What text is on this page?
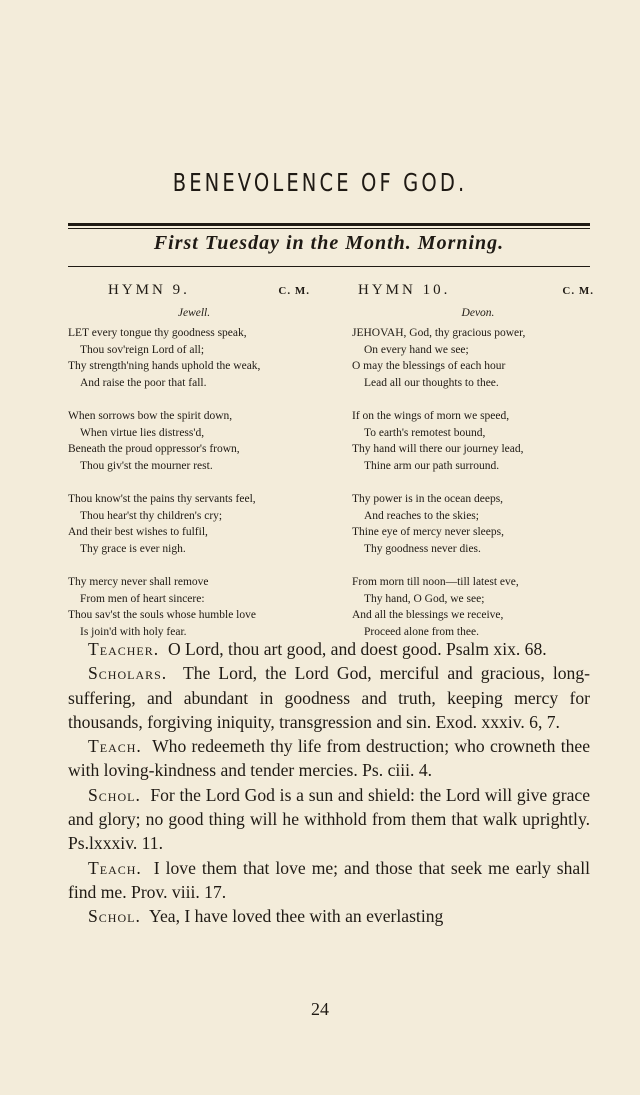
BENEVOLENCE OF GOD.
First Tuesday in the Month. Morning.
HYMN 9.	C. M.
Jewell.
LET every tongue thy goodness speak,
Thou sov'reign Lord of all;
Thy strength'ning hands uphold the weak,
And raise the poor that fall.
When sorrows bow the spirit down,
When virtue lies distress'd,
Beneath the proud oppressor's frown,
Thou giv'st the mourner rest.
Thou know'st the pains thy servants feel,
Thou hear'st thy children's cry;
And their best wishes to fulfil,
Thy grace is ever nigh.
Thy mercy never shall remove
From men of heart sincere:
Thou sav'st the souls whose humble love
Is join'd with holy fear.
HYMN 10.	C. M.
Devon.
JEHOVAH, God, thy gracious power,
On every hand we see;
O may the blessings of each hour
Lead all our thoughts to thee.
If on the wings of morn we speed,
To earth's remotest bound,
Thy hand will there our journey lead,
Thine arm our path surround.
Thy power is in the ocean deeps,
And reaches to the skies;
Thine eye of mercy never sleeps,
Thy goodness never dies.
From morn till noon—till latest eve,
Thy hand, O God, we see;
And all the blessings we receive,
Proceed alone from thee.

Teacher. O Lord, thou art good, and doest good. Psalm xix. 68.

Scholars. The Lord, the Lord God, merciful and gracious, long-suffering, and abundant in goodness and truth, keeping mercy for thousands, forgiving iniquity, transgression and sin. Exod. xxxiv. 6, 7.

Teach. Who redeemeth thy life from destruction; who crowneth thee with loving-kindness and tender mercies. Ps. ciii. 4.

Schol. For the Lord God is a sun and shield: the Lord will give grace and glory; no good thing will he withhold from them that walk uprightly. Ps.lxxxiv. 11.

Teach. I love them that love me; and those that seek me early shall find me. Prov. viii. 17.

Schol. Yea, I have loved thee with an everlasting

24
